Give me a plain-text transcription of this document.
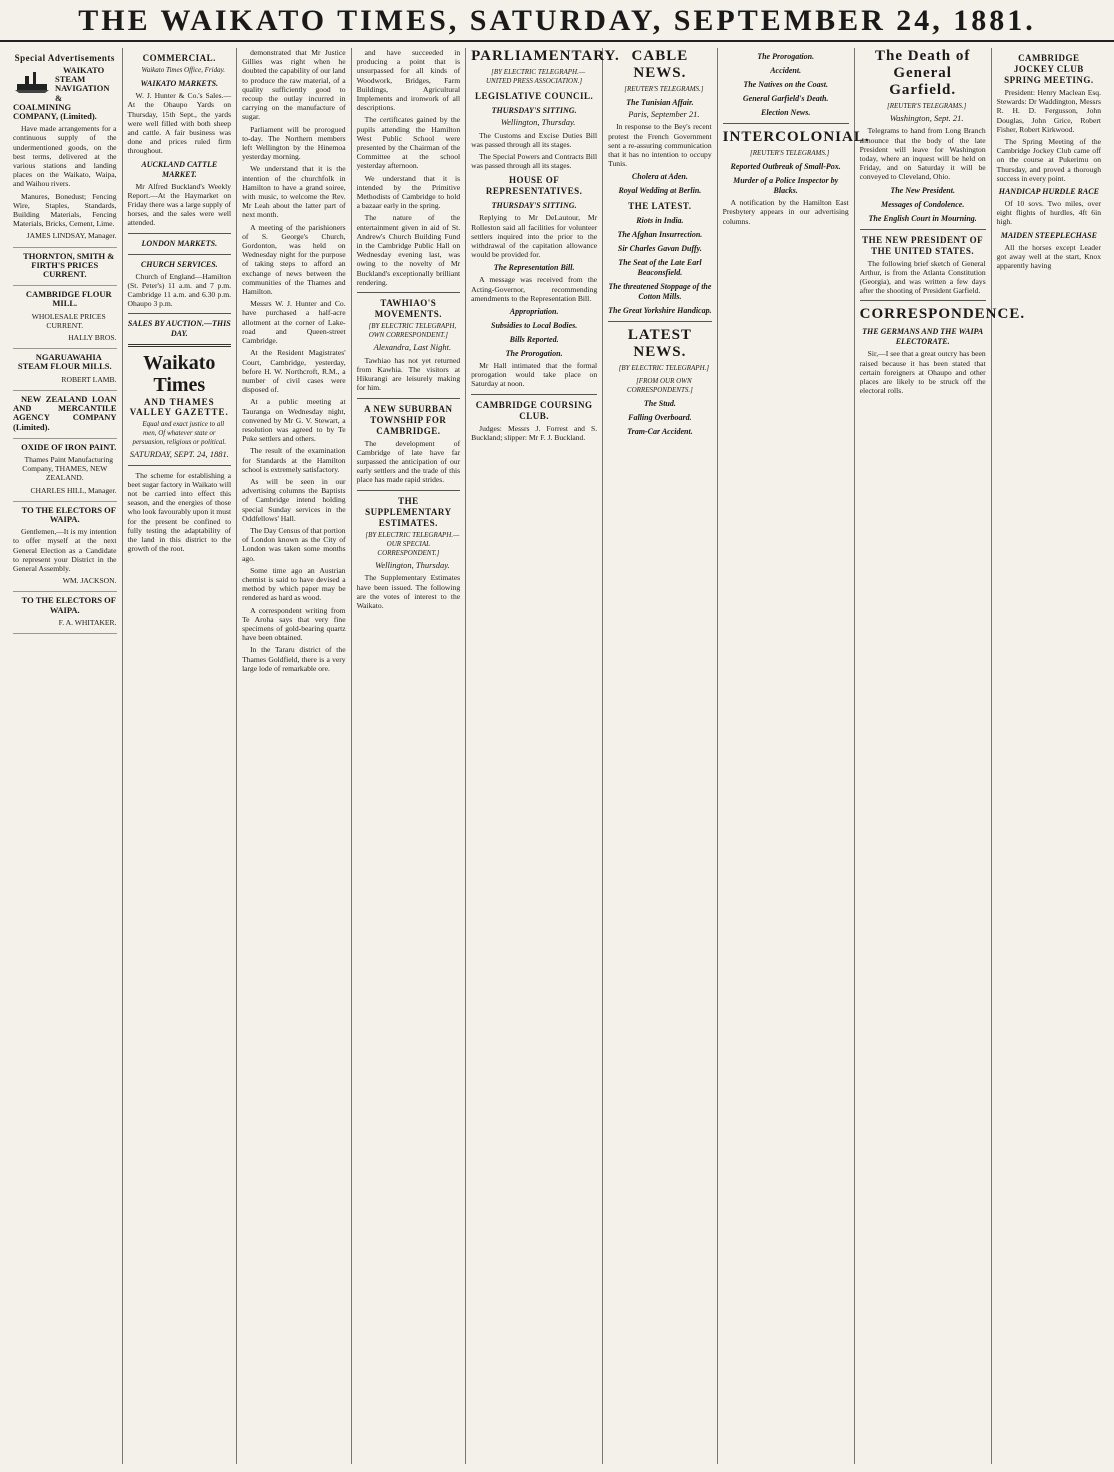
THE WAIKATO TIMES, SATURDAY, SEPTEMBER 24, 1881.
Special Advertisements

WAIKATO STEAM NAVIGATION & COALMINING COMPANY, (Limited).

Have made arrangements for a continuous supply of the undermentioned goods, on the best terms, delivered at the various stations and landing places on the Waikato, Waipa, and Waihou rivers.

Manures, Bonedust; Fencing Wire, Staples, Standards, Building Materials, Fencing Materials, Bricks, Cement, Lime.

JAMES LINDSAY, Manager.

THORNTON, SMITH & FIRTH'S PRICES CURRENT.

CAMBRIDGE FLOUR MILL.

WHOLESALE PRICES CURRENT.

HALLY BROS.

NGARUAWAHIA STEAM FLOUR MILLS.

ROBERT LAMB.

NEW ZEALAND LOAN AND MERCANTILE AGENCY COMPANY (Limited).

OXIDE OF IRON PAINT.

Thames Paint Manufacturing Company, THAMES, NEW ZEALAND.

CHARLES HILL, Manager.

TO THE ELECTORS OF WAIPA.

Gentlemen,—It is my intention to offer myself at the next General Election as a Candidate to represent your District in the General Assembly.

WM. JACKSON.

TO THE ELECTORS OF WAIPA.

F. A. WHITAKER.

COMMERCIAL.

Waikato Times Office, Friday.

WAIKATO MARKETS.

W. J. Hunter & Co.'s Sales.—At the Ohaupo Yards on Thursday, 15th Sept., the yards were well filled with both sheep and cattle. A fair business was done and prices ruled firm throughout.

AUCKLAND CATTLE MARKET.

Mr Alfred Buckland's Weekly Report.—At the Haymarket on Friday there was a large supply of horses, and the sales were well attended.

LONDON MARKETS.
CHURCH SERVICES.

Church of England—Hamilton (St. Peter's) 11 a.m. and 7 p.m. Cambridge 11 a.m. and 6.30 p.m. Ohaupo 3 p.m.

SALES BY AUCTION.—THIS DAY.
Waikato Times
AND THAMES VALLEY GAZETTE.

Equal and exact justice to all men, Of whatever state or persuasion, religious or political.

SATURDAY, SEPT. 24, 1881.

The scheme for establishing a beet sugar factory in Waikato will not be carried into effect this season, and the energies of those who look favourably upon it must for the present be confined to fully testing the adaptability of the land in this district to the growth of the root.

demonstrated that Mr Justice Gillies was right when he doubted the capability of our land to produce the raw material, of a quality sufficiently good to recoup the outlay incurred in carrying on the manufacture of sugar.

Parliament will be prorogued to-day. The Northern members left Wellington by the Hinemoa yesterday morning.

We understand that it is the intention of the churchfolk in Hamilton to have a grand soiree, with music, to welcome the Rev. Mr Leah about the latter part of next month.

A meeting of the parishioners of S. George's Church, Gordonton, was held on Wednesday night for the purpose of taking steps to afford an exchange of news between the communities of the Thames and Hamilton.

Messrs W. J. Hunter and Co. have purchased a half-acre allotment at the corner of Lake-road and Queen-street Cambridge.

At the Resident Magistrates' Court, Cambridge, yesterday, before H. W. Northcroft, R.M., a number of civil cases were disposed of.

At a public meeting at Tauranga on Wednesday night, convened by Mr G. V. Stewart, a resolution was agreed to by Te Puke settlers and others.

The result of the examination for Standards at the Hamilton school is extremely satisfactory.

As will be seen in our advertising columns the Baptists of Cambridge intend holding special Sunday services in the Oddfellows' Hall.

The Day Census of that portion of London known as the City of London was taken some months ago.

Some time ago an Austrian chemist is said to have devised a method by which paper may be rendered as hard as wood.

A correspondent writing from Te Aroha says that very fine specimens of gold-bearing quartz have been obtained.

In the Tararu district of the Thames Goldfield, there is a very large lode of remarkable ore.

and have succeeded in producing a point that is unsurpassed for all kinds of Woodwork, Bridges, Farm Buildings, Agricultural Implements and ironwork of all descriptions.

The certificates gained by the pupils attending the Hamilton West Public School were presented by the Chairman of the Committee at the school yesterday afternoon.

We understand that it is intended by the Primitive Methodists of Cambridge to hold a bazaar early in the spring.

The nature of the entertainment given in aid of St. Andrew's Church Building Fund in the Cambridge Public Hall on Wednesday evening last, was owing to the novelty of Mr Buckland's exceptionally brilliant rendering.

TAWHIAO'S MOVEMENTS.

[BY ELECTRIC TELEGRAPH, OWN CORRESPONDENT.]

Alexandra, Last Night.

Tawhiao has not yet returned from Kawhia. The visitors at Hikurangi are leisurely making for him.

A NEW SUBURBAN TOWNSHIP FOR CAMBRIDGE.

The development of Cambridge of late have far surpassed the anticipation of our early settlers and the trade of this place has made rapid strides.

THE SUPPLEMENTARY ESTIMATES.

[BY ELECTRIC TELEGRAPH.—OUR SPECIAL CORRESPONDENT.]

Wellington, Thursday.

The Supplementary Estimates have been issued. The following are the votes of interest to the Waikato.

PARLIAMENTARY.

[BY ELECTRIC TELEGRAPH.—UNITED PRESS ASSOCIATION.]

LEGISLATIVE COUNCIL.
THURSDAY'S SITTING.

Wellington, Thursday.

The Customs and Excise Duties Bill was passed through all its stages.

The Special Powers and Contracts Bill was passed through all its stages.

HOUSE OF REPRESENTATIVES.
THURSDAY'S SITTING.

Replying to Mr DeLautour, Mr Rolleston said all facilities for volunteer settlers inquired into the prior to the withdrawal of the capitation allowance would be provided for.

The Representation Bill.

A message was received from the Acting-Governor, recommending amendments to the Representation Bill.

Appropriation.
Subsidies to Local Bodies.
Bills Reported.
The Prorogation.

Mr Hall intimated that the formal prorogation would take place on Saturday at noon.

CAMBRIDGE COURSING CLUB.

Judges: Messrs J. Forrest and S. Buckland; slipper: Mr F. J. Buckland.

CABLE NEWS.

[REUTER'S TELEGRAMS.]

The Tunisian Affair.

Paris, September 21.

In response to the Bey's recent protest the French Government sent a re-assuring communication that it has no intention to occupy Tunis.

Cholera at Aden.
Royal Wedding at Berlin.
THE LATEST.
Riots in India.
The Afghan Insurrection.
Sir Charles Gavan Duffy.
The Seat of the Late Earl Beaconsfield.
The threatened Stoppage of the Cotton Mills.
The Great Yorkshire Handicap.
LATEST NEWS.

[BY ELECTRIC TELEGRAPH.]

[FROM OUR OWN CORRESPONDENTS.]

The Stud.
Falling Overboard.
Tram-Car Accident.
The Prorogation.
Accident.
The Natives on the Coast.
General Garfield's Death.
Election News.
INTERCOLONIAL.

[REUTER'S TELEGRAMS.]

Reported Outbreak of Small-Pox.
Murder of a Police Inspector by Blacks.

A notification by the Hamilton East Presbytery appears in our advertising columns.

The Death of General Garfield.

[REUTER'S TELEGRAMS.]

Washington, Sept. 21.

Telegrams to hand from Long Branch announce that the body of the late President will leave for Washington today, where an inquest will be held on Friday, and on Saturday it will be conveyed to Cleveland, Ohio.

The New President.
Messages of Condolence.
The English Court in Mourning.
THE NEW PRESIDENT OF THE UNITED STATES.

The following brief sketch of General Arthur, is from the Atlanta Constitution (Georgia), and was written a few days after the shooting of President Garfield.

CORRESPONDENCE.
THE GERMANS AND THE WAIPA ELECTORATE.

Sir,—I see that a great outcry has been raised because it has been stated that certain foreigners at Ohaupo and other places are likely to be struck off the electoral rolls.

CAMBRIDGE JOCKEY CLUB SPRING MEETING.

President: Henry Maclean Esq. Stewards: Dr Waddington, Messrs R. H. D. Fergusson, John Douglas, John Grice, Robert Fisher, Robert Kirkwood.

The Spring Meeting of the Cambridge Jockey Club came off on the course at Pukerimu on Thursday, and proved a thorough success in every point.

HANDICAP HURDLE RACE

Of 10 sovs. Two miles, over eight flights of hurdles, 4ft 6in high.

MAIDEN STEEPLECHASE

All the horses except Leader got away well at the start, Knox apparently having
